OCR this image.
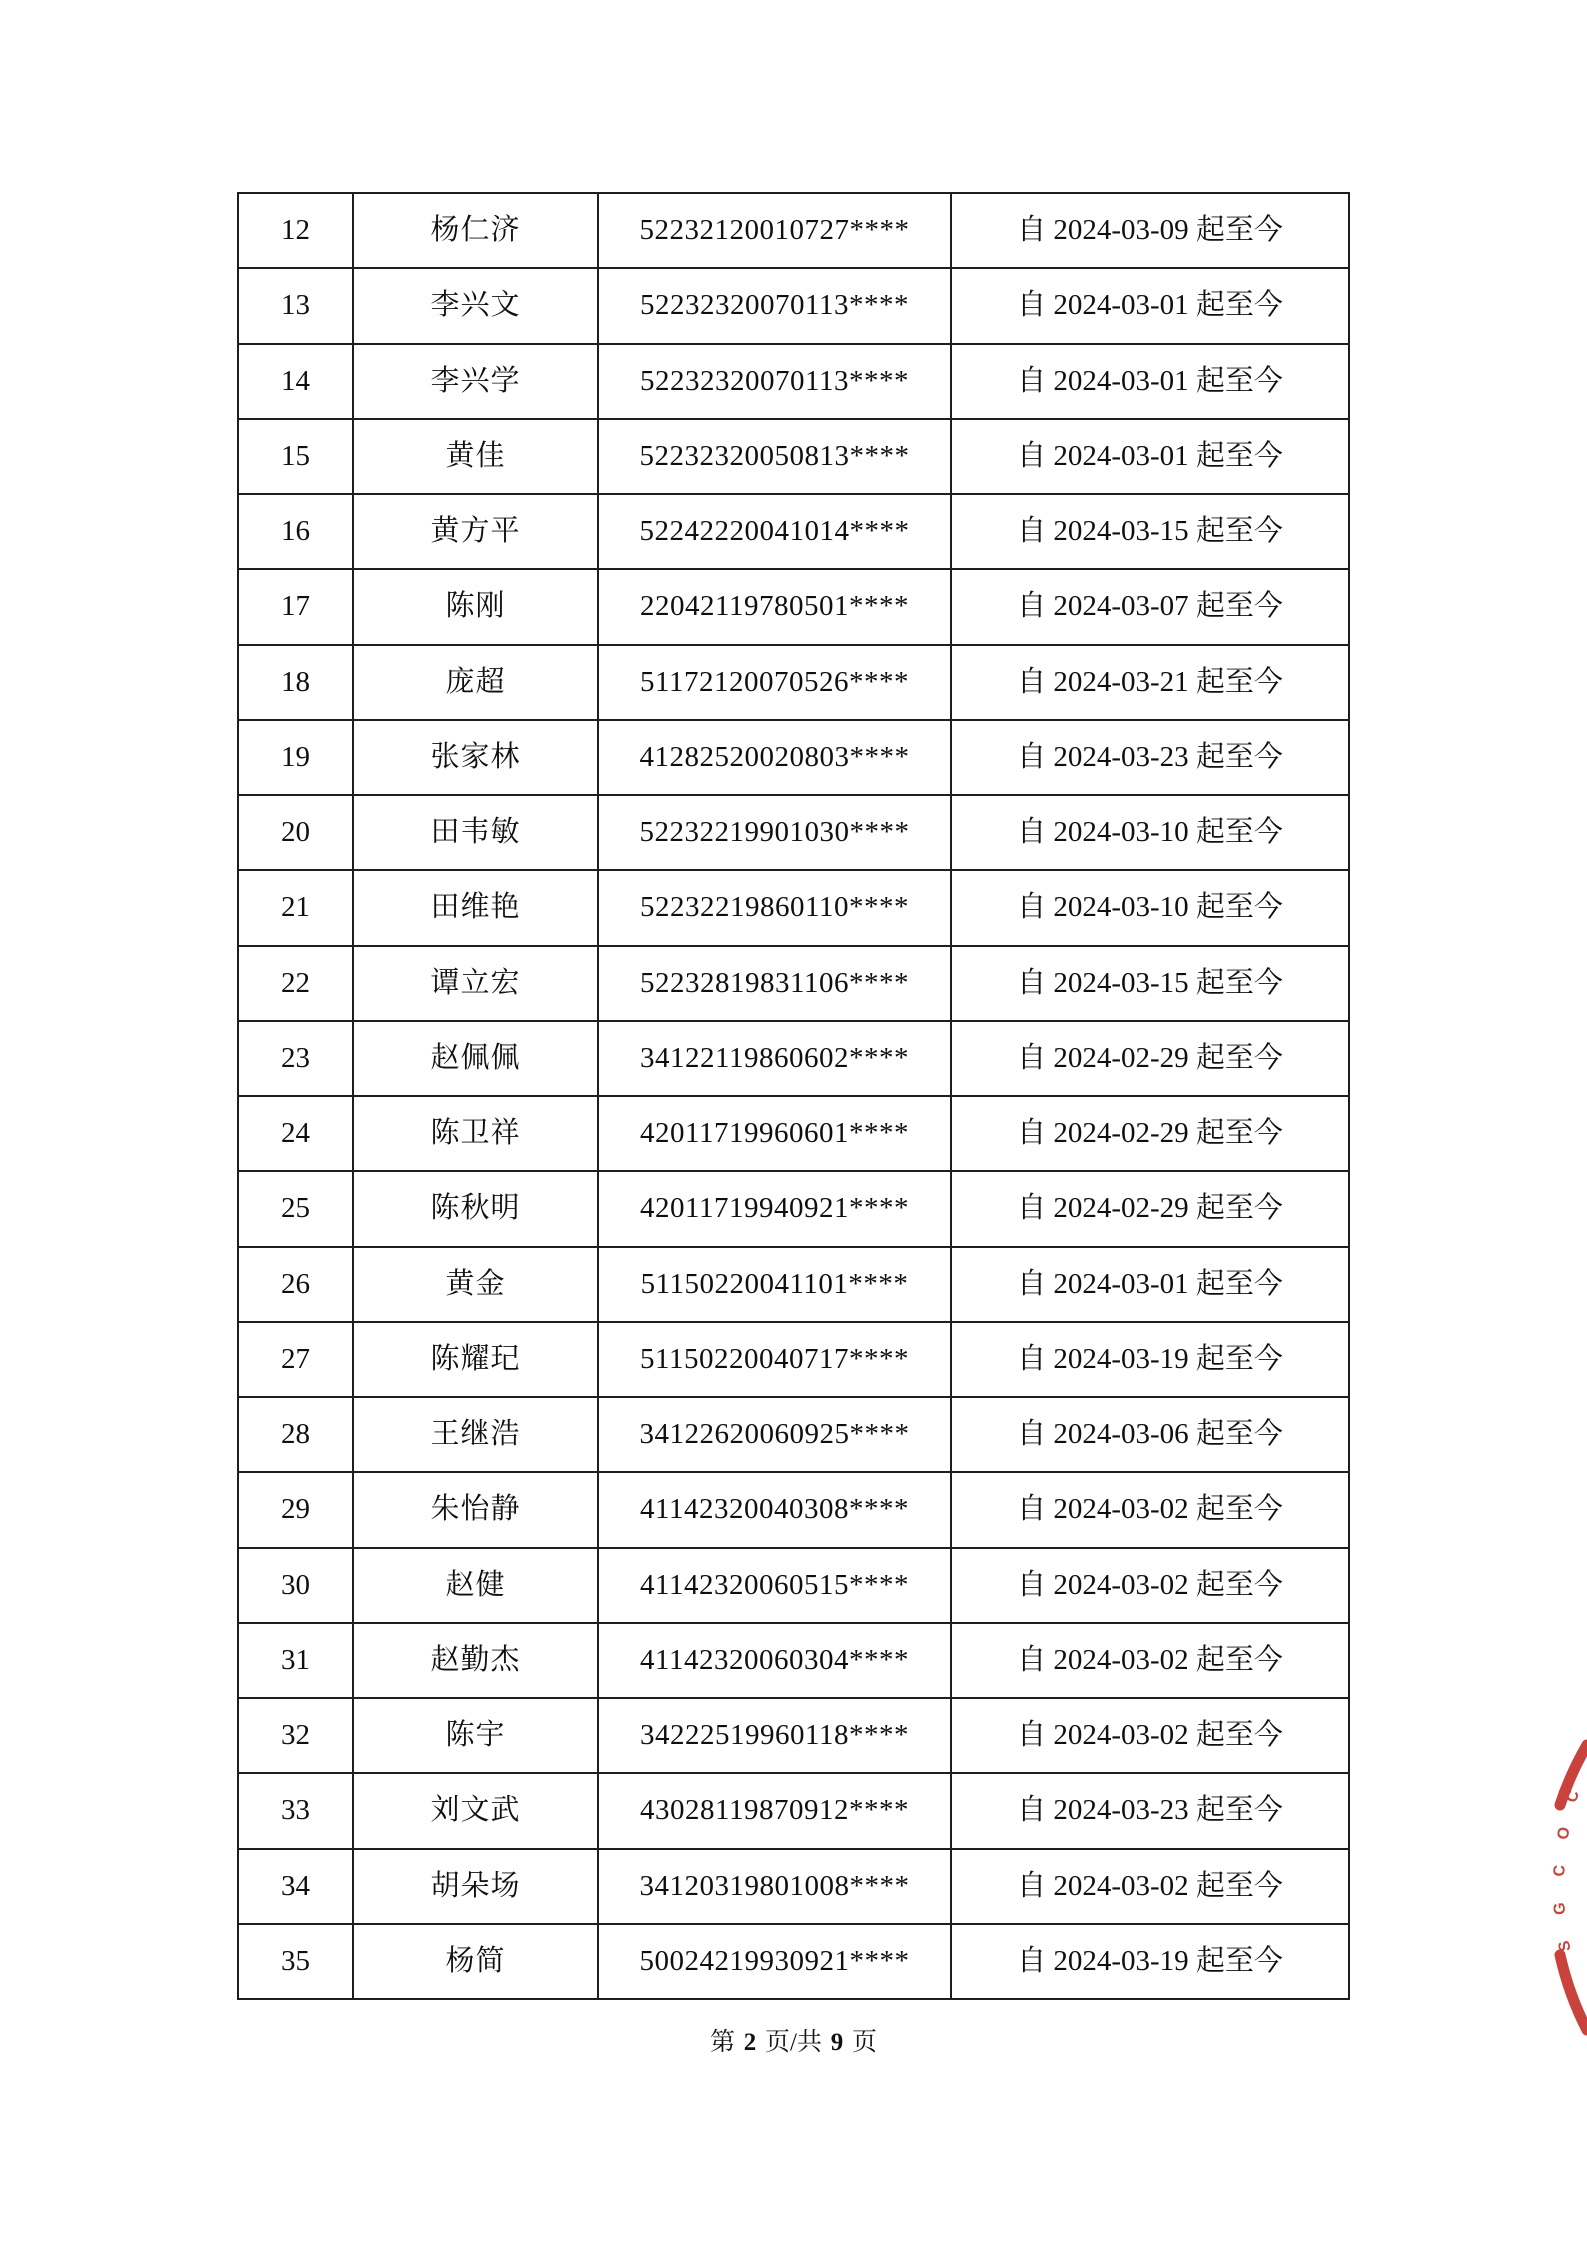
12	杨仁济	52232120010727****	自 2024-03-09 起至今
13	李兴文	52232320070113****	自 2024-03-01 起至今
14	李兴学	52232320070113****	自 2024-03-01 起至今
15	黄佳	52232320050813****	自 2024-03-01 起至今
16	黄方平	52242220041014****	自 2024-03-15 起至今
17	陈刚	22042119780501****	自 2024-03-07 起至今
18	庞超	51172120070526****	自 2024-03-21 起至今
19	张家林	41282520020803****	自 2024-03-23 起至今
20	田韦敏	52232219901030****	自 2024-03-10 起至今
21	田维艳	52232219860110****	自 2024-03-10 起至今
22	谭立宏	52232819831106****	自 2024-03-15 起至今
23	赵佩佩	34122119860602****	自 2024-02-29 起至今
24	陈卫祥	42011719960601****	自 2024-02-29 起至今
25	陈秋明	42011719940921****	自 2024-02-29 起至今
26	黄金	51150220041101****	自 2024-03-01 起至今
27	陈耀玘	51150220040717****	自 2024-03-19 起至今
28	王继浩	34122620060925****	自 2024-03-06 起至今
29	朱怡静	41142320040308****	自 2024-03-02 起至今
30	赵健	41142320060515****	自 2024-03-02 起至今
31	赵勤杰	41142320060304****	自 2024-03-02 起至今
32	陈宇	34222519960118****	自 2024-03-02 起至今
33	刘文武	43028119870912****	自 2024-03-23 起至今
34	胡朵场	34120319801008****	自 2024-03-02 起至今
35	杨简	50024219930921****	自 2024-03-19 起至今
第 2 页/共 9 页
C
O
C
G
S
